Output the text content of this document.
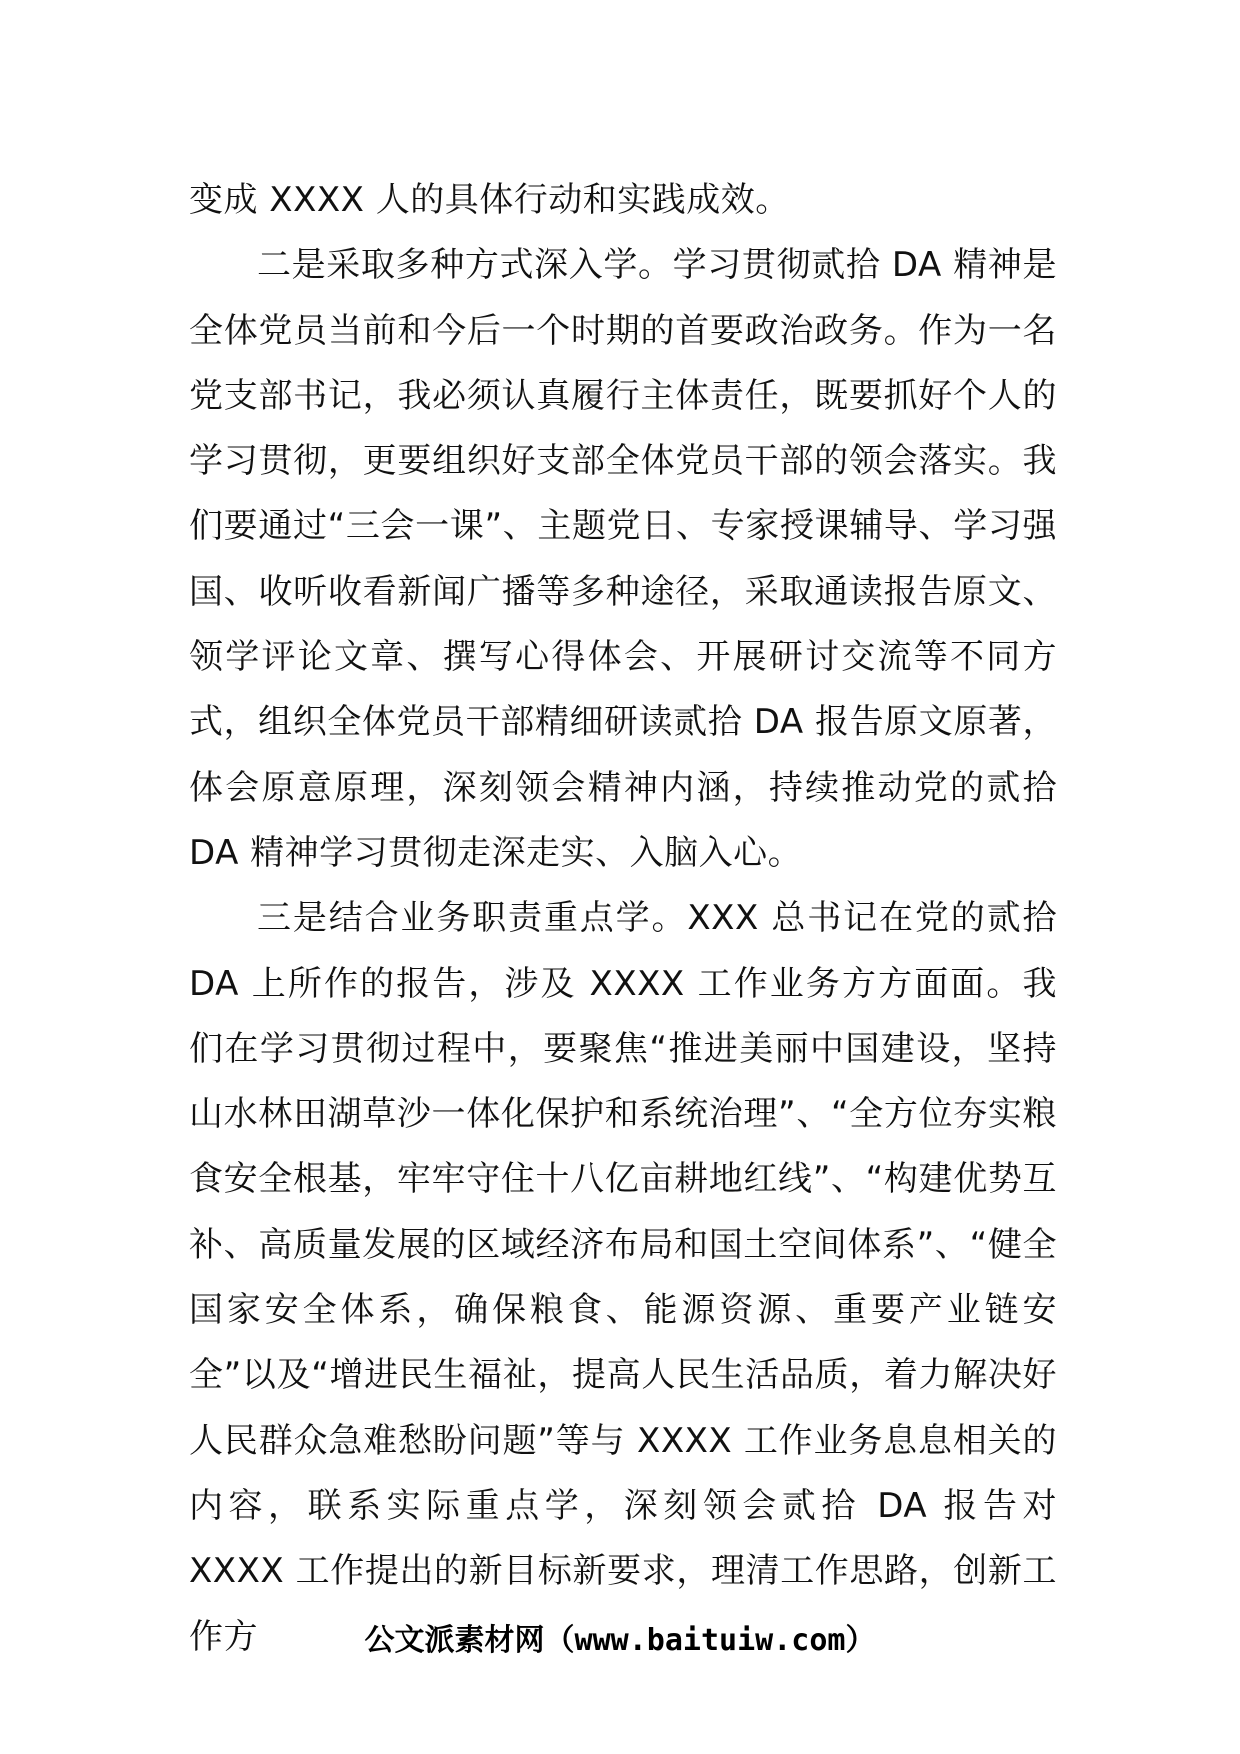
变成 XXXX 人的具体行动和实践成效。

二是采取多种方式深入学。学习贯彻贰拾 DA 精神是全体党员当前和今后一个时期的首要政治政务。作为一名党支部书记，我必须认真履行主体责任，既要抓好个人的学习贯彻，更要组织好支部全体党员干部的领会落实。我们要通过“三会一课”、主题党日、专家授课辅导、学习强国、收听收看新闻广播等多种途径，采取通读报告原文、领学评论文章、撰写心得体会、开展研讨交流等不同方式，组织全体党员干部精细研读贰拾 DA 报告原文原著，体会原意原理，深刻领会精神内涵，持续推动党的贰拾 DA 精神学习贯彻走深走实、入脑入心。

三是结合业务职责重点学。XXX 总书记在党的贰拾 DA 上所作的报告，涉及 XXXX 工作业务方方面面。我们在学习贯彻过程中，要聚焦“推进美丽中国建设，坚持山水林田湖草沙一体化保护和系统治理”、“全方位夯实粮食安全根基，牢牢守住十八亿亩耕地红线”、“构建优势互补、高质量发展的区域经济布局和国土空间体系”、“健全国家安全体系，确保粮食、能源资源、重要产业链安全”以及“增进民生福祉，提高人民生活品质，着力解决好人民群众急难愁盼问题”等与 XXXX 工作业务息息相关的内容，联系实际重点学，深刻领会贰拾 DA 报告对 XXXX 工作提出的新目标新要求，理清工作思路，创新工作方	公文派素材网（www.baituiw.com）
